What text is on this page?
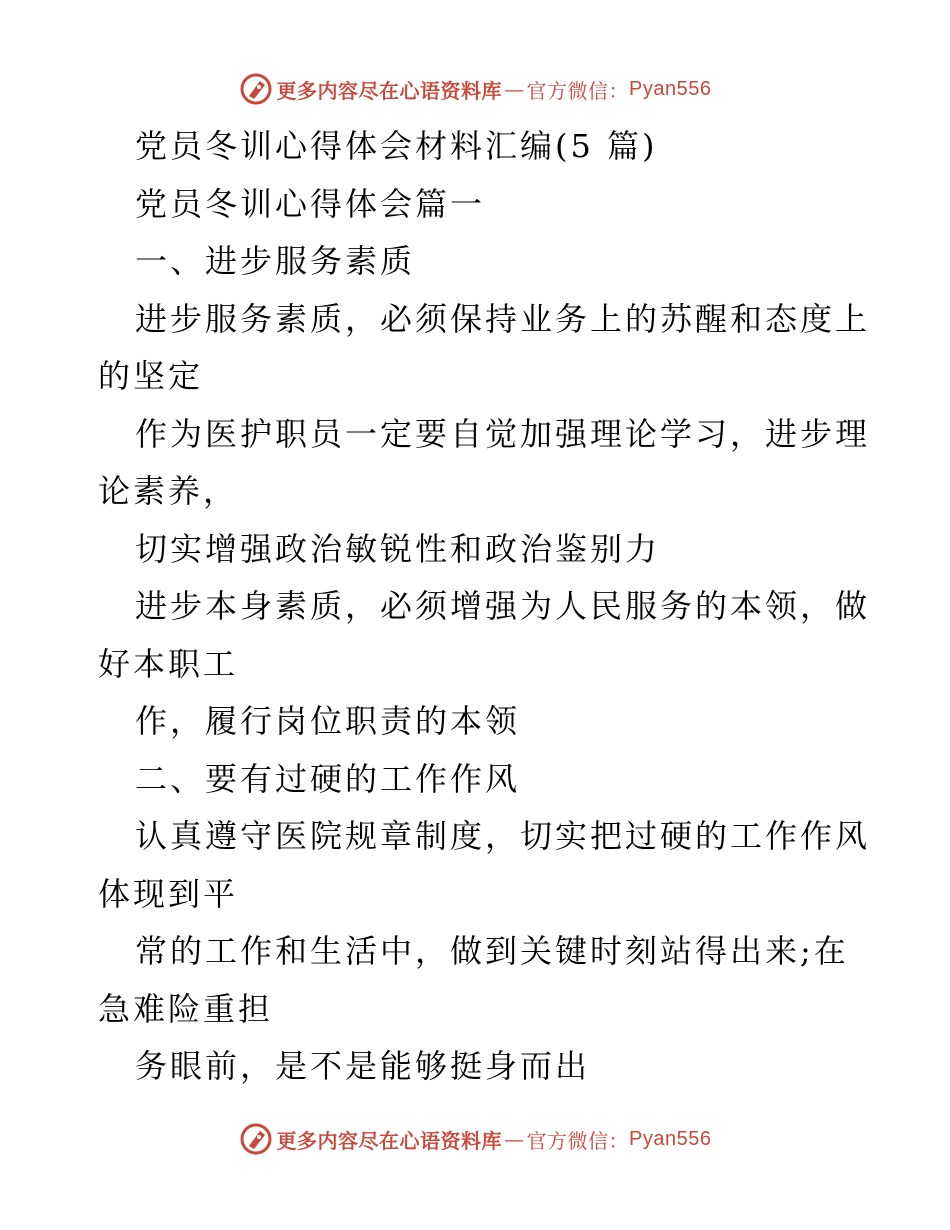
更多内容尽在心语资料库 — 官方微信： Pyan556
党员冬训心得体会材料汇编(5 篇)
党员冬训心得体会篇一
一、进步服务素质
进步服务素质，必须保持业务上的苏醒和态度上
的坚定
作为医护职员一定要自觉加强理论学习，进步理
论素养，
切实增强政治敏锐性和政治鉴别力
进步本身素质，必须增强为人民服务的本领，做
好本职工
作，履行岗位职责的本领
二、要有过硬的工作作风
认真遵守医院规章制度，切实把过硬的工作作风
体现到平
常的工作和生活中，做到关键时刻站得出来;在
急难险重担
务眼前，是不是能够挺身而出
更多内容尽在心语资料库 — 官方微信： Pyan556
